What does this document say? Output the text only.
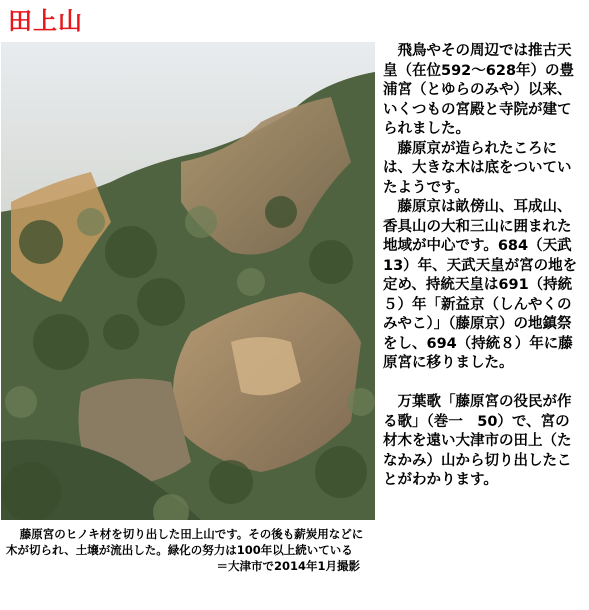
田上山

飛鳥やその周辺では推古天皇（在位592～628年）の豊浦宮（とゆらのみや）以来、いくつもの宮殿と寺院が建てられました。

藤原京が造られたころには、大きな木は底をついていたようです。

藤原京は畝傍山、耳成山、香具山の大和三山に囲まれた地域が中心です。684（天武13）年、天武天皇が宮の地を定め、持統天皇は691（持統５）年「新益京（しんやくのみやこ）」（藤原京）の地鎮祭をし、694（持統８）年に藤原宮に移りました。

万葉歌「藤原宮の役民が作る歌」（巻一　50）で、宮の材木を遠い大津市の田上（たなかみ）山から切り出したことがわかります。

藤原宮のヒノキ材を切り出した田上山です。その後も薪炭用などに木が切られ、土壌が流出した。緑化の努力は100年以上続いている
＝大津市で2014年1月撮影
